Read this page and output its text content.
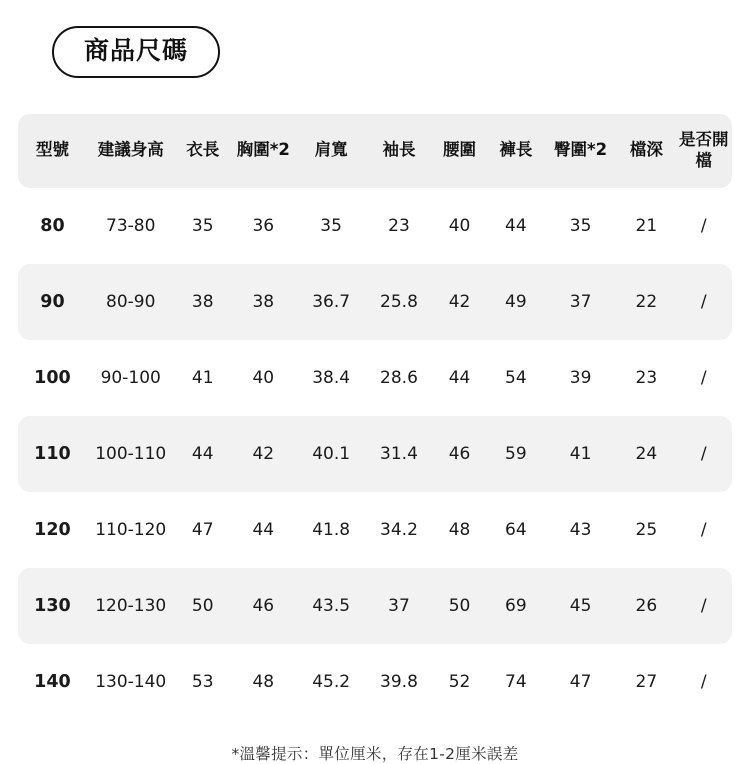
商品尺碼
型號	建議身高	衣長	胸圍*2	肩寬	袖長	腰圍	褲長	臀圍*2	檔深	是否開檔
80	73-80	35	36	35	23	40	44	35	21	/
90	80-90	38	38	36.7	25.8	42	49	37	22	/
100	90-100	41	40	38.4	28.6	44	54	39	23	/
110	100-110	44	42	40.1	31.4	46	59	41	24	/
120	110-120	47	44	41.8	34.2	48	64	43	25	/
130	120-130	50	46	43.5	37	50	69	45	26	/
140	130-140	53	48	45.2	39.8	52	74	47	27	/
*溫馨提示：單位厘米，存在1-2厘米誤差
